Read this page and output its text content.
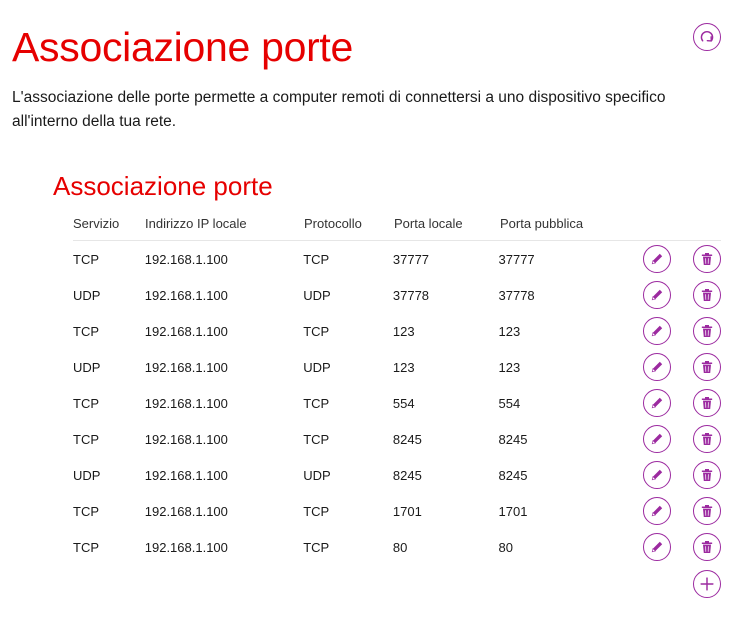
Associazione porte

L'associazione delle porte permette a computer remoti di connettersi a uno dispositivo specifico all'interno della tua rete.

Associazione porte
Servizio	Indirizzo IP locale	Protocollo	Porta locale	Porta pubblica
TCP	192.168.1.100	TCP	37777	37777
UDP	192.168.1.100	UDP	37778	37778
TCP	192.168.1.100	TCP	123	123
UDP	192.168.1.100	UDP	123	123
TCP	192.168.1.100	TCP	554	554
TCP	192.168.1.100	TCP	8245	8245
UDP	192.168.1.100	UDP	8245	8245
TCP	192.168.1.100	TCP	1701	1701
TCP	192.168.1.100	TCP	80	80
